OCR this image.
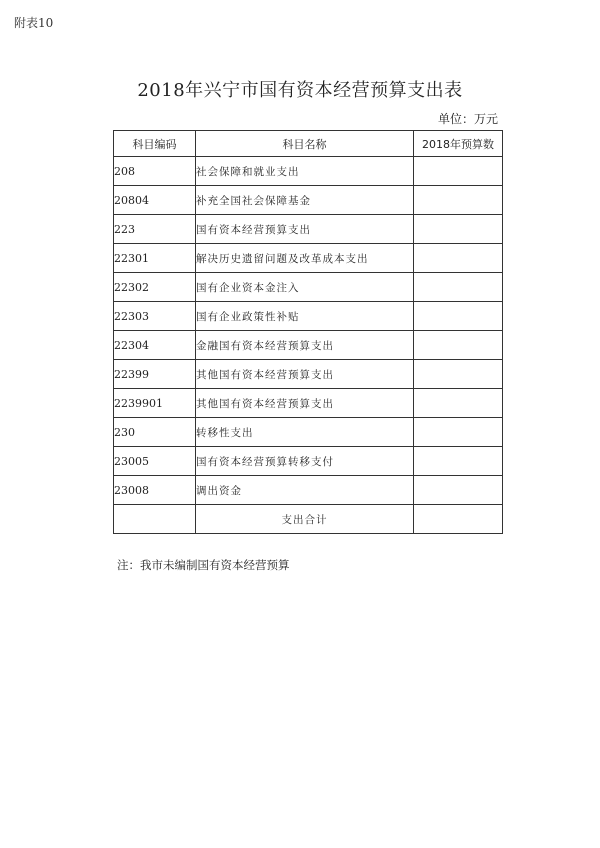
附表10
2018年兴宁市国有资本经营预算支出表
单位：万元
科目编码	科目名称	2018年预算数
208	社会保障和就业支出	
20804	补充全国社会保障基金	
223	国有资本经营预算支出	
22301	解决历史遗留问题及改革成本支出	
22302	国有企业资本金注入	
22303	国有企业政策性补贴	
22304	金融国有资本经营预算支出	
22399	其他国有资本经营预算支出	
2239901	其他国有资本经营预算支出	
230	转移性支出	
23005	国有资本经营预算转移支付	
23008	调出资金	
	支出合计	
注：我市未编制国有资本经营预算
